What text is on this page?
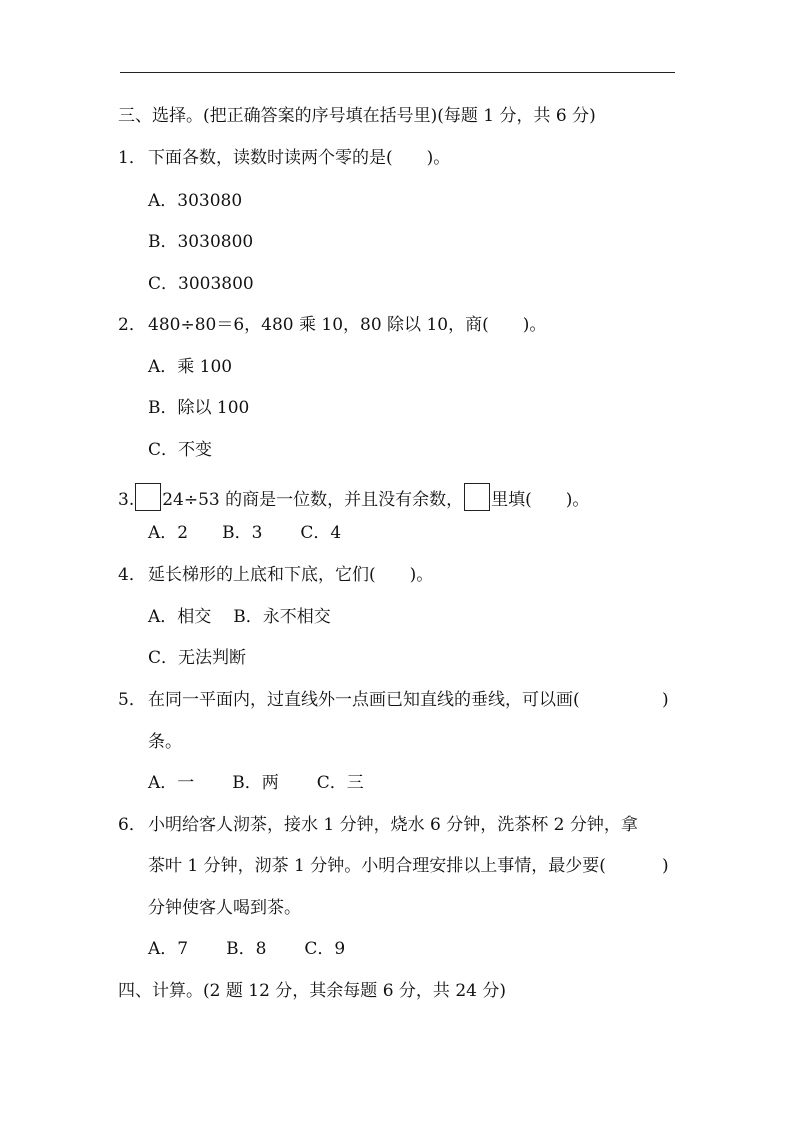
三、选择。(把正确答案的序号填在括号里)(每题 1 分，共 6 分)
1． 下面各数，读数时读两个零的是(　　)。
A．303080
B．3030800
C．3003800
2． 480÷80＝6，480 乘 10，80 除以 10，商(　　)。
A．乘 100
B．除以 100
C．不变
3. 24÷53 的商是一位数，并且没有余数， 里填(　　)。
A．2 B．3 C．4
4． 延长梯形的上底和下底，它们(　　)。
A．相交 B．永不相交
C．无法判断
5． 在同一平面内，过直线外一点画已知直线的垂线，可以画(	)
条。
A．一 B．两 C．三
6． 小明给客人沏茶，接水 1 分钟，烧水 6 分钟，洗茶杯 2 分钟，拿
茶叶 1 分钟，沏茶 1 分钟。小明合理安排以上事情，最少要(	)
分钟使客人喝到茶。
A．7 B．8 C．9
四、计算。(2 题 12 分，其余每题 6 分，共 24 分)
